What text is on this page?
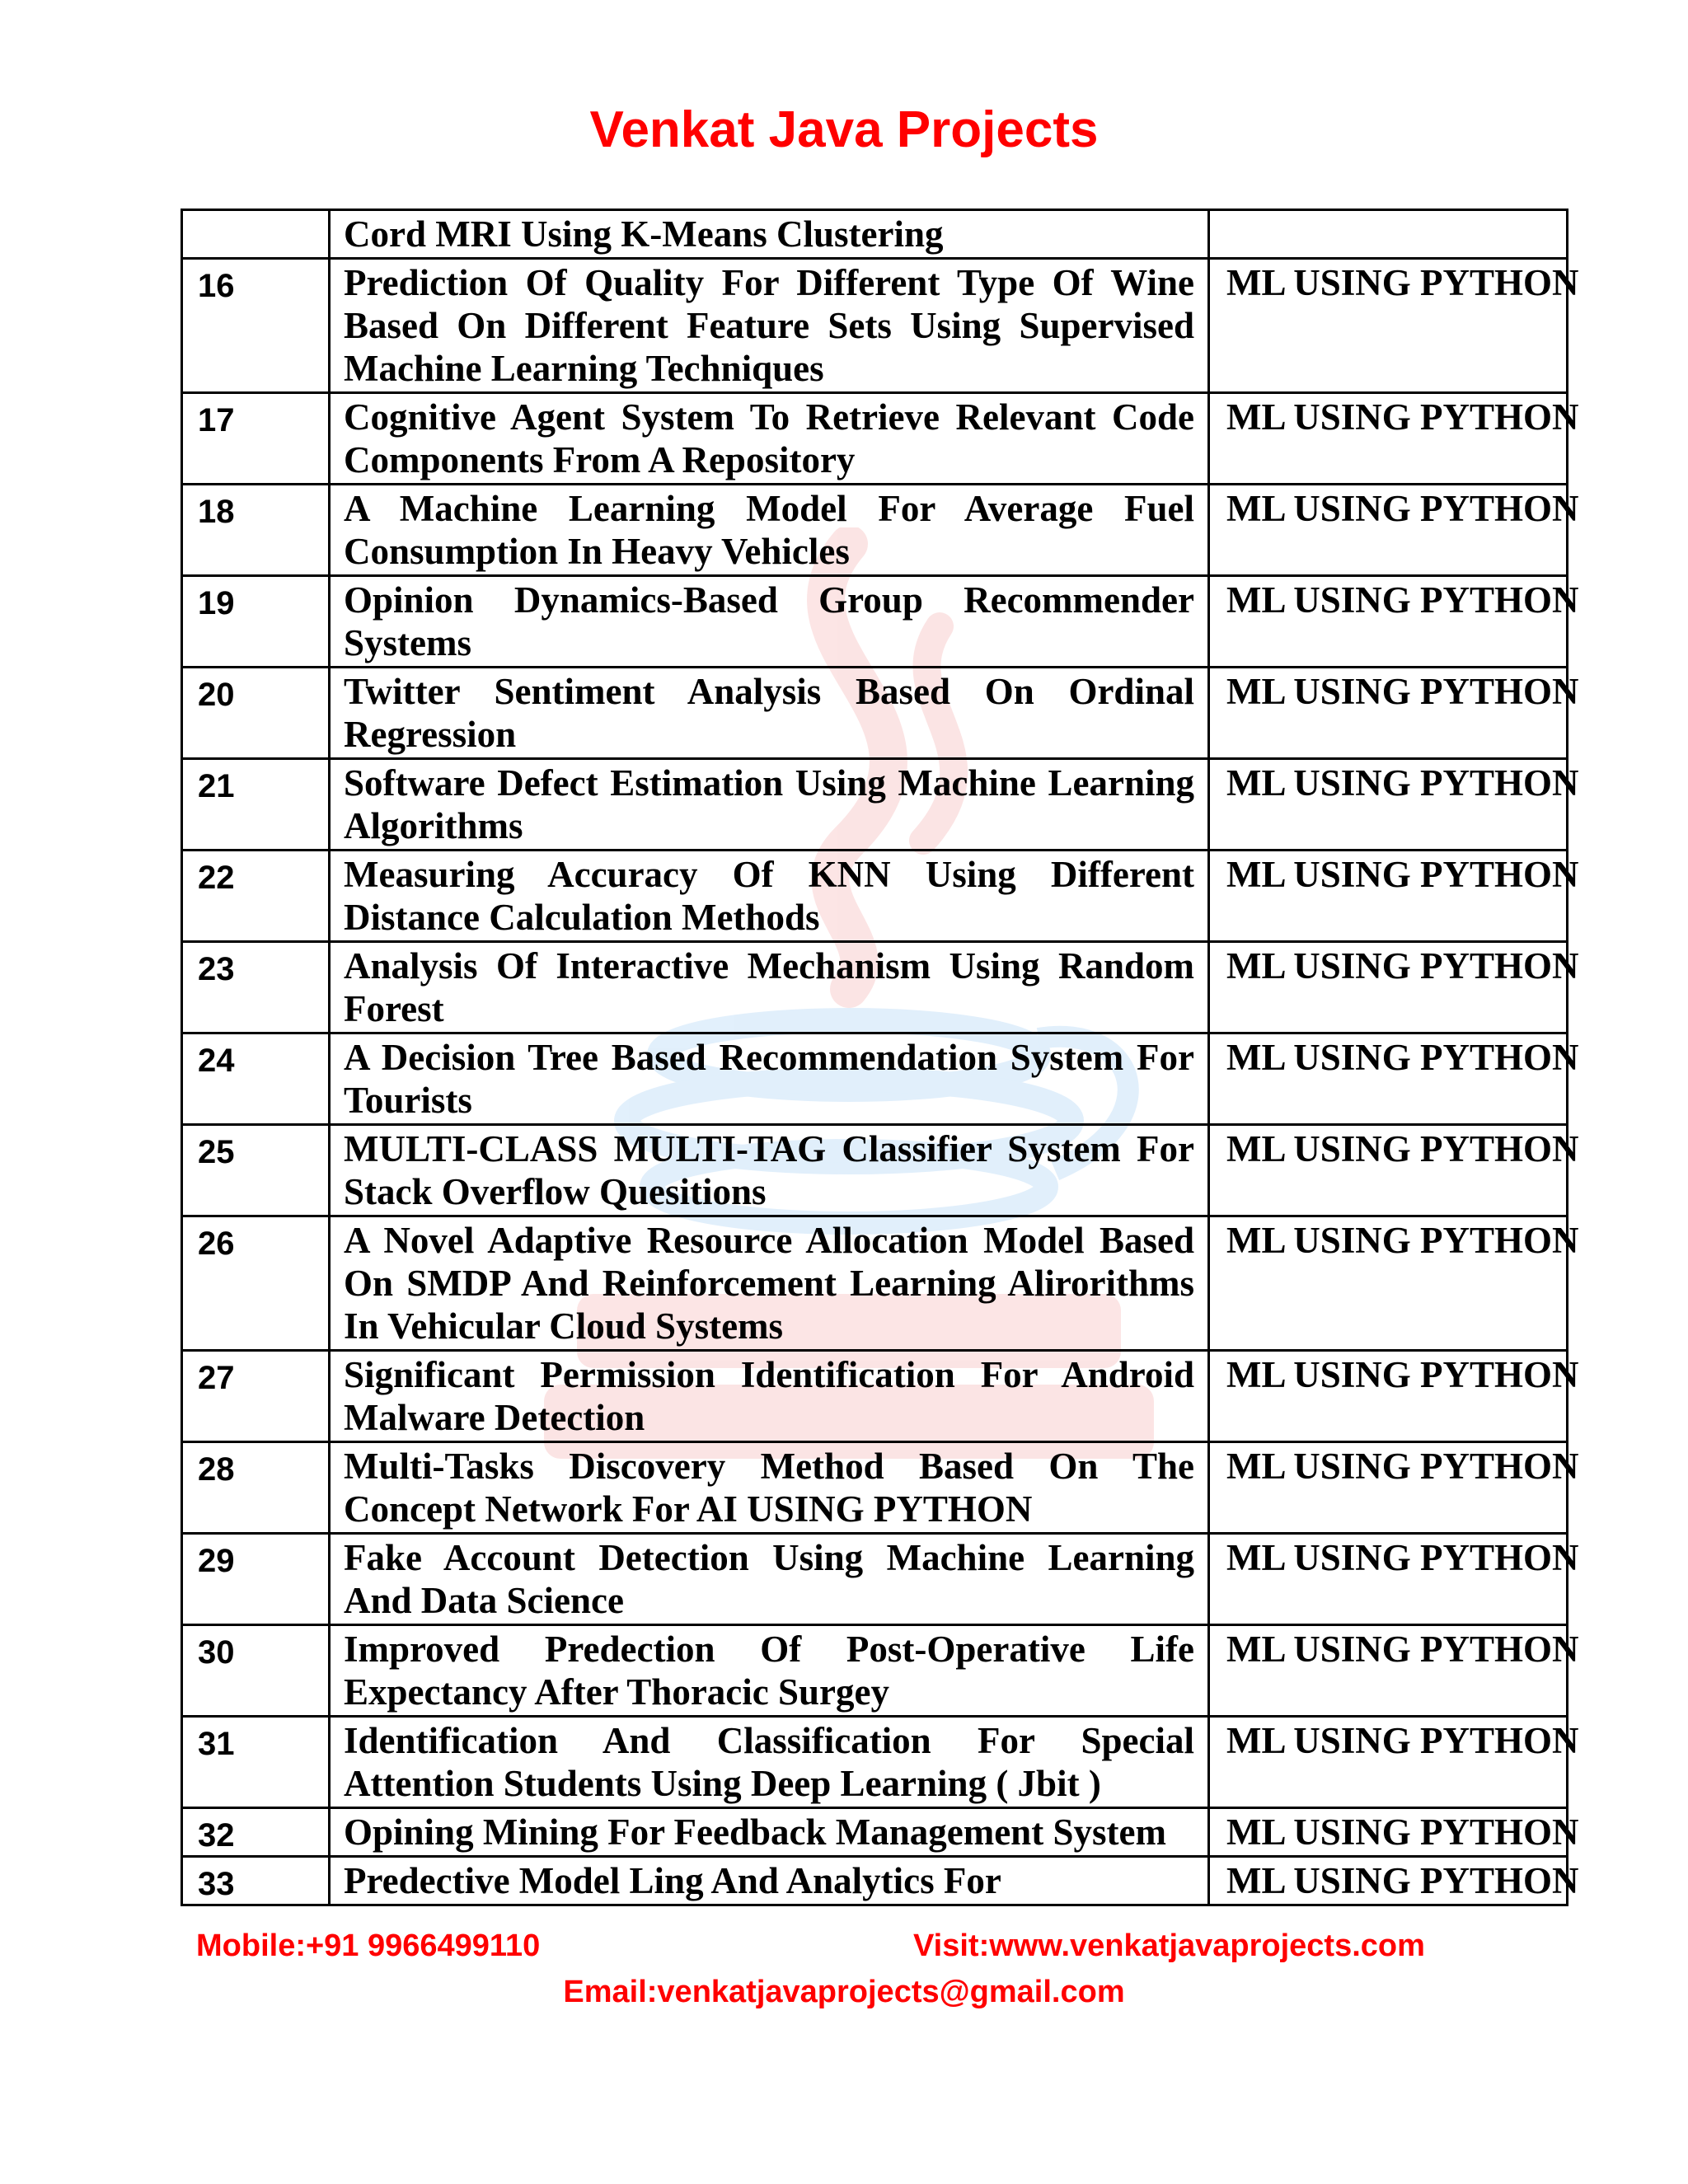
Venkat Java Projects

	Cord MRI Using K-Means Clustering	

16	Prediction Of Quality For Different Type Of Wine Based On Different Feature Sets Using Supervised Machine Learning Techniques	ML USING PYTHON
17	Cognitive Agent System To Retrieve Relevant Code Components From A Repository	ML USING PYTHON
18	A Machine Learning Model For Average Fuel Consumption In Heavy Vehicles	ML USING PYTHON
19	Opinion Dynamics-Based Group Recommender Systems	ML USING PYTHON
20	Twitter Sentiment Analysis Based On Ordinal Regression	ML USING PYTHON
21	Software Defect Estimation Using Machine Learning Algorithms	ML USING PYTHON
22	Measuring Accuracy Of KNN Using Different Distance Calculation Methods	ML USING PYTHON
23	Analysis Of Interactive Mechanism Using Random Forest	ML USING PYTHON
24	A Decision Tree Based Recommendation System For Tourists	ML USING PYTHON
25	MULTI-CLASS MULTI-TAG Classifier System For Stack Overflow Quesitions	ML USING PYTHON
26	A Novel Adaptive Resource Allocation Model Based On SMDP And Reinforcement Learning Alirorithms In Vehicular Cloud Systems	ML USING PYTHON
27	Significant Permission Identification For Android Malware Detection	ML USING PYTHON
28	Multi-Tasks Discovery Method Based On The Concept Network For AI USING PYTHON	ML USING PYTHON
29	Fake Account Detection Using Machine Learning And Data Science	ML USING PYTHON
30	Improved Predection Of Post-Operative Life Expectancy After Thoracic Surgey	ML USING PYTHON
31	Identification And Classification For Special Attention Students Using Deep Learning ( Jbit )	ML USING PYTHON
32	Opining Mining For Feedback Management System	ML USING PYTHON
33	Predective Model Ling And Analytics For	ML USING PYTHON
Mobile:+91 9966499110	Visit:www.venkatjavaprojects.com
Email:venkatjavaprojects@gmail.com
